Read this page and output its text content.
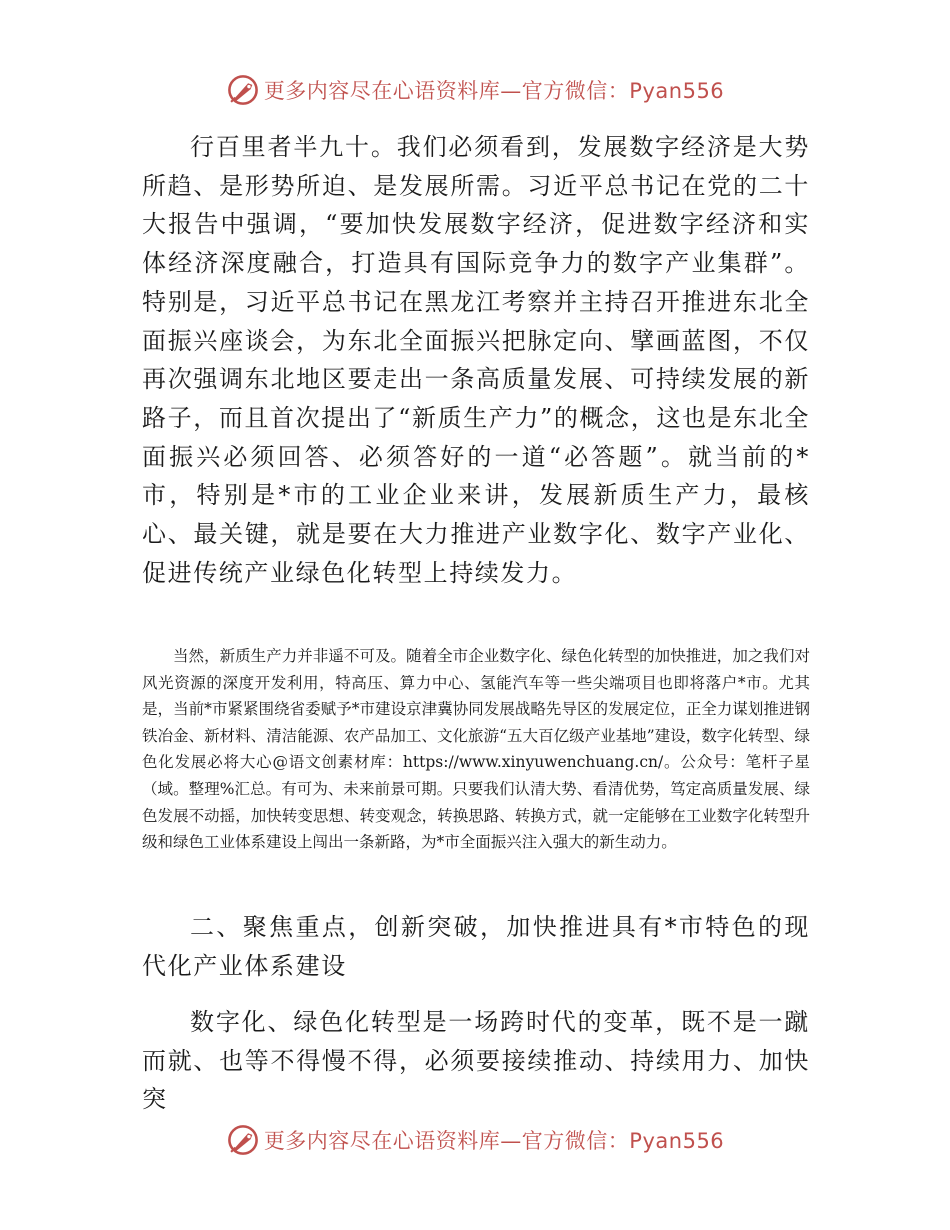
更多内容尽在心语资料库—官方微信：Pyan556

行百里者半九十。我们必须看到，发展数字经济是大势所趋、是形势所迫、是发展所需。习近平总书记在党的二十大报告中强调，“要加快发展数字经济，促进数字经济和实体经济深度融合，打造具有国际竞争力的数字产业集群”。特别是，习近平总书记在黑龙江考察并主持召开推进东北全面振兴座谈会，为东北全面振兴把脉定向、擘画蓝图，不仅再次强调东北地区要走出一条高质量发展、可持续发展的新路子，而且首次提出了“新质生产力”的概念，这也是东北全面振兴必须回答、必须答好的一道“必答题”。就当前的*市，特别是*市的工业企业来讲，发展新质生产力，最核心、最关键，就是要在大力推进产业数字化、数字产业化、促进传统产业绿色化转型上持续发力。

当然，新质生产力并非遥不可及。随着全市企业数字化、绿色化转型的加快推进，加之我们对风光资源的深度开发利用，特高压、算力中心、氢能汽车等一些尖端项目也即将落户*市。尤其是，当前*市紧紧围绕省委赋予*市建设京津冀协同发展战略先导区的发展定位，正全力谋划推进钢铁冶金、新材料、清洁能源、农产品加工、文化旅游“五大百亿级产业基地”建设，数字化转型、绿色化发展必将大心@语文创素材库：https://www.xinyuwenchuang.cn/。公众号：笔杆子星（域。整理%汇总。有可为、未来前景可期。只要我们认清大势、看清优势，笃定高质量发展、绿色发展不动摇，加快转变思想、转变观念，转换思路、转换方式，就一定能够在工业数字化转型升级和绿色工业体系建设上闯出一条新路，为*市全面振兴注入强大的新生动力。

二、聚焦重点，创新突破，加快推进具有*市特色的现代化产业体系建设

数字化、绿色化转型是一场跨时代的变革，既不是一蹴而就、也等不得慢不得，必须要接续推动、持续用力、加快突

更多内容尽在心语资料库—官方微信：Pyan556
